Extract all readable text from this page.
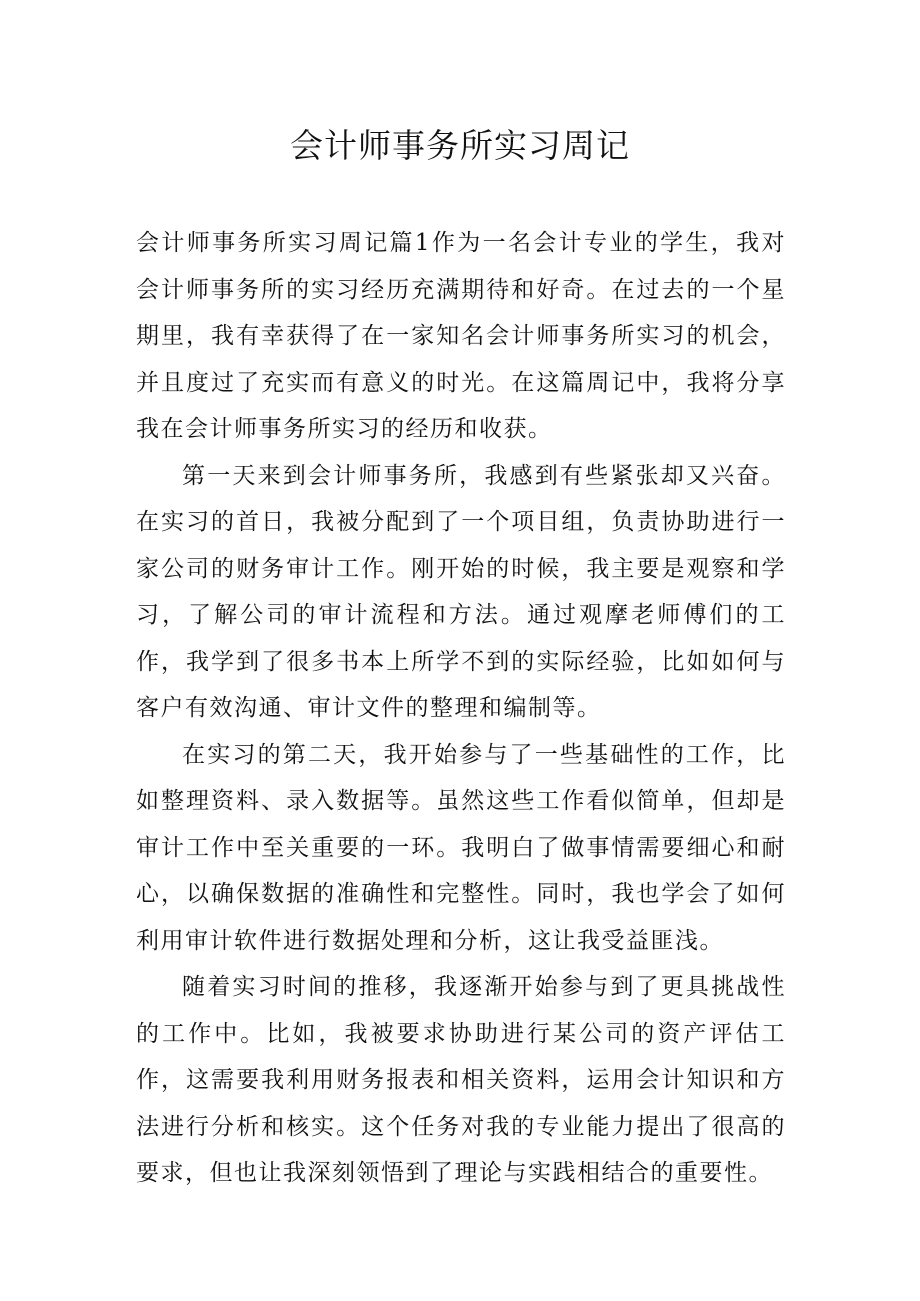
会计师事务所实习周记

会计师事务所实习周记篇1作为一名会计专业的学生，我对会计师事务所的实习经历充满期待和好奇。在过去的一个星期里，我有幸获得了在一家知名会计师事务所实习的机会，并且度过了充实而有意义的时光。在这篇周记中，我将分享我在会计师事务所实习的经历和收获。

第一天来到会计师事务所，我感到有些紧张却又兴奋。在实习的首日，我被分配到了一个项目组，负责协助进行一家公司的财务审计工作。刚开始的时候，我主要是观察和学习，了解公司的审计流程和方法。通过观摩老师傅们的工作，我学到了很多书本上所学不到的实际经验，比如如何与客户有效沟通、审计文件的整理和编制等。

在实习的第二天，我开始参与了一些基础性的工作，比如整理资料、录入数据等。虽然这些工作看似简单，但却是审计工作中至关重要的一环。我明白了做事情需要细心和耐心，以确保数据的准确性和完整性。同时，我也学会了如何利用审计软件进行数据处理和分析，这让我受益匪浅。

随着实习时间的推移，我逐渐开始参与到了更具挑战性的工作中。比如，我被要求协助进行某公司的资产评估工作，这需要我利用财务报表和相关资料，运用会计知识和方法进行分析和核实。这个任务对我的专业能力提出了很高的要求，但也让我深刻领悟到了理论与实践相结合的重要性。
